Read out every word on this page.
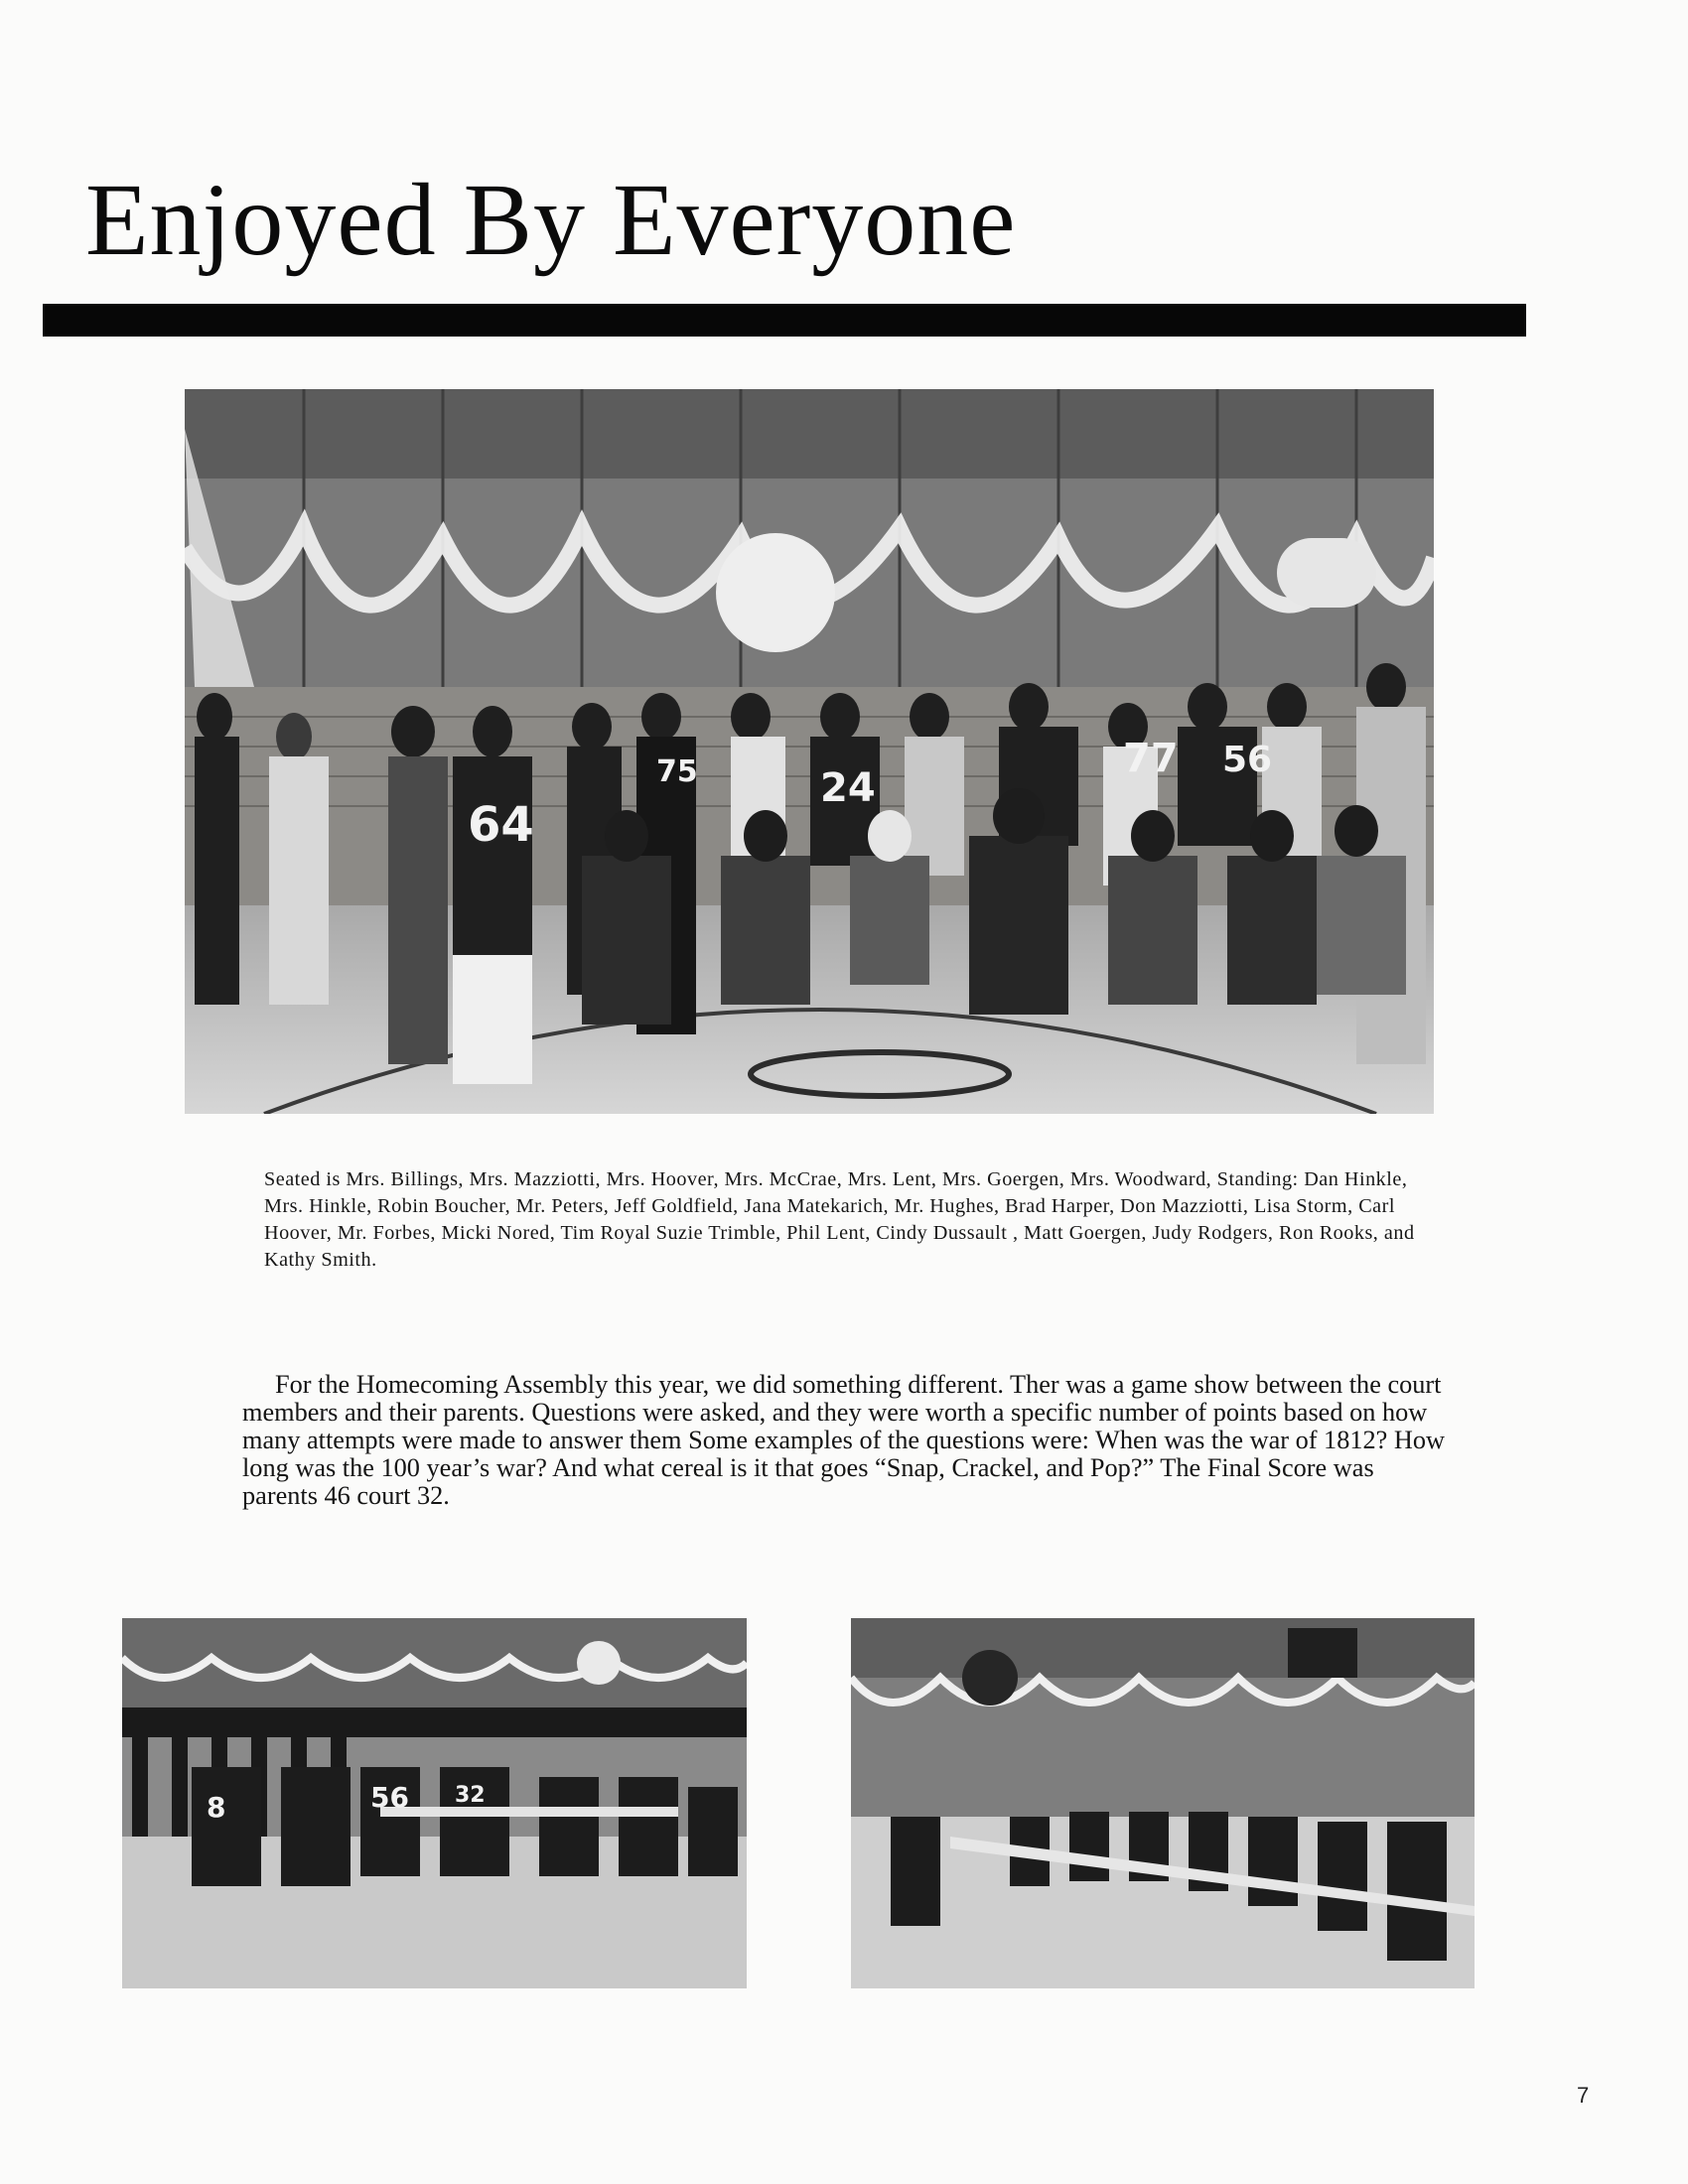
Enjoyed By Everyone
64
24
77 56
75

Seated is Mrs. Billings, Mrs. Mazziotti, Mrs. Hoover, Mrs. McCrae, Mrs. Lent, Mrs. Goergen, Mrs. Woodward, Standing: Dan Hinkle, Mrs. Hinkle, Robin Boucher, Mr. Peters, Jeff Goldfield, Jana Matekarich, Mr. Hughes, Brad Harper, Don Mazziotti, Lisa Storm, Carl Hoover, Mr. Forbes, Micki Nored, Tim Royal Suzie Trimble, Phil Lent, Cindy Dussault , Matt Goergen, Judy Rodgers, Ron Rooks, and Kathy Smith.

For the Homecoming Assembly this year, we did something different. Ther was a game show between the court members and their parents. Questions were asked, and they were worth a specific number of points based on how many attempts were made to answer them Some examples of the questions were: When was the war of 1812? How long was the 100 year’s war? And what cereal is it that goes “Snap, Crackel, and Pop?” The Final Score was parents 46 court 32.

8	56 32
7
